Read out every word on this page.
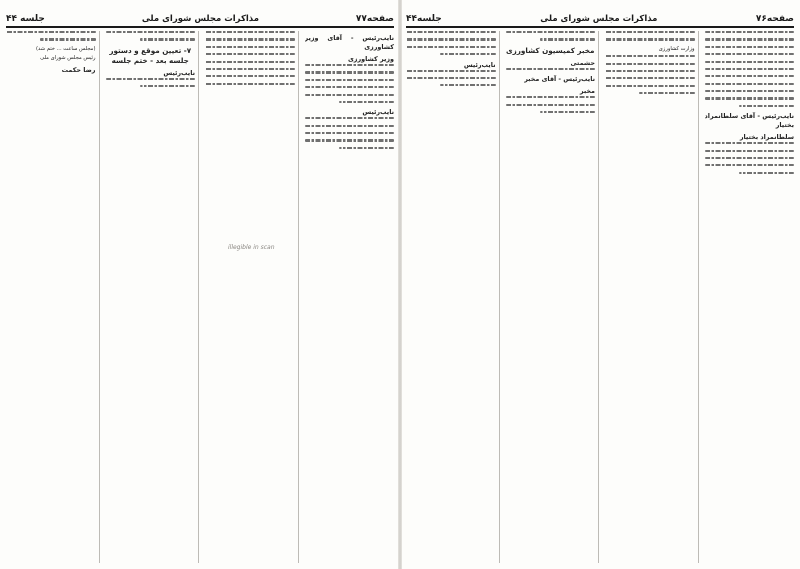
صفحه۷۷
مذاکرات مجلس شورای ملی
جلسه ۴۴
نایب‌رئیس - آقای وزیر کشاورزی
وزیر کشاورزی
نایب‌رئیس
illegible in scan
۷- تعیین موقع و دستور جلسه بعد - ختم جلسه
نایب‌رئیس
(مجلس ساعت ... ختم شد)
رئیس مجلس شورای ملی
رضا حکمت
صفحه۷۶
مذاکرات مجلس شورای ملی
جلسه۴۴
نایب‌رئیس - آقای سلطانمراد بختیار
سلطانمراد بختیار
وزارت کشاورزی
مخبر کمیسیون کشاورزی
حشمتی
نایب‌رئیس - آقای مخبر
مخبر
نایب‌رئیس
